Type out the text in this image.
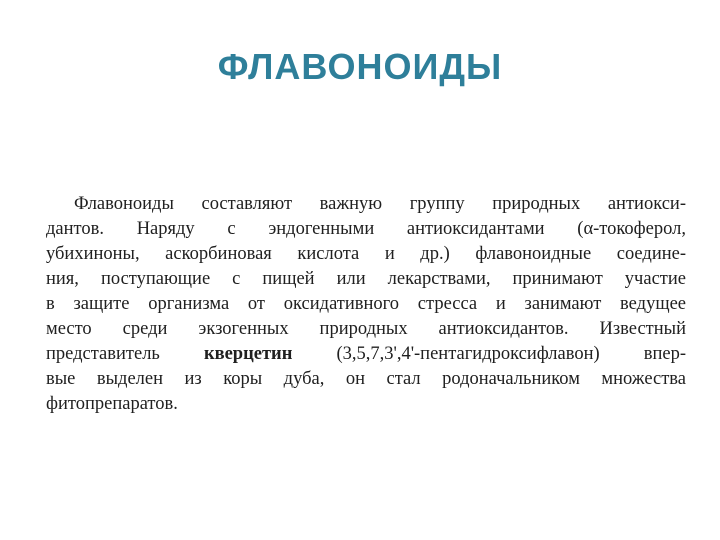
ФЛАВОНОИДЫ
Флавоноиды составляют важную группу природных антиокси-
дантов. Наряду с эндогенными антиоксидантами (α-токоферол,
убихиноны, аскорбиновая кислота и др.) флавоноидные соедине-
ния, поступающие с пищей или лекарствами, принимают участие
в защите организма от оксидативного стресса и занимают ведущее
место среди экзогенных природных антиоксидантов. Известный
представитель кверцетин (3,5,7,3',4'-пентагидроксифлавон) впер-
вые выделен из коры дуба, он стал родоначальником множества
фитопрепаратов.
